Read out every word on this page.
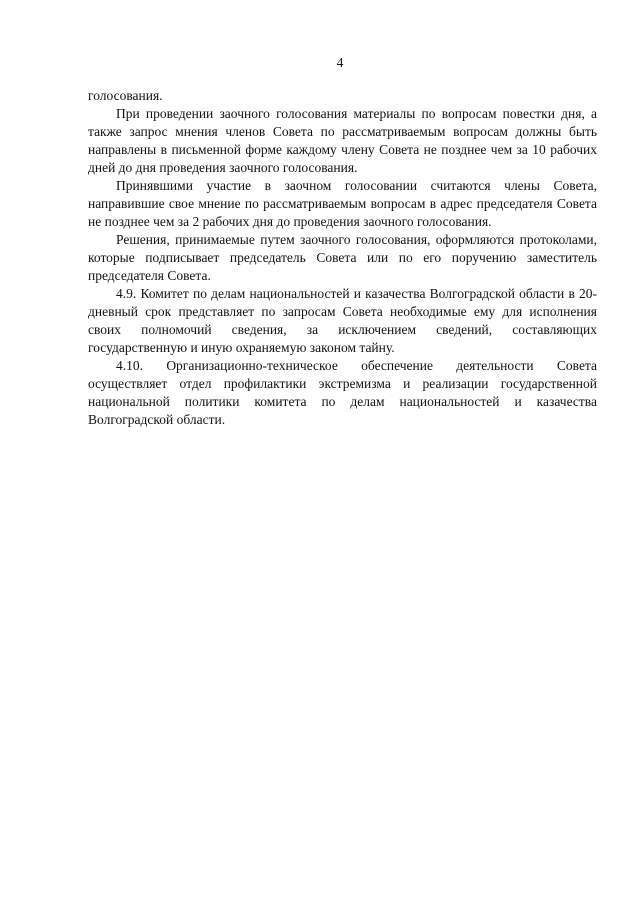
4

голосования.

При проведении заочного голосования материалы по вопросам повестки дня, а также запрос мнения членов Совета по рассматриваемым вопросам должны быть направлены в письменной форме каждому члену Совета не позднее чем за 10 рабочих дней до дня проведения заочного голосования.

Принявшими участие в заочном голосовании считаются члены Совета, направившие свое мнение по рассматриваемым вопросам в адрес председателя Совета не позднее чем за 2 рабочих дня до проведения заочного голосования.

Решения, принимаемые путем заочного голосования, оформляются протоколами, которые подписывает председатель Совета или по его поручению заместитель председателя Совета.

4.9. Комитет по делам национальностей и казачества Волгоградской области в 20-дневный срок представляет по запросам Совета необходимые ему для исполнения своих полномочий сведения, за исключением сведений, составляющих государственную и иную охраняемую законом тайну.

4.10. Организационно-техническое обеспечение деятельности Совета осуществляет отдел профилактики экстремизма и реализации государственной национальной политики комитета по делам национальностей и казачества Волгоградской области.
